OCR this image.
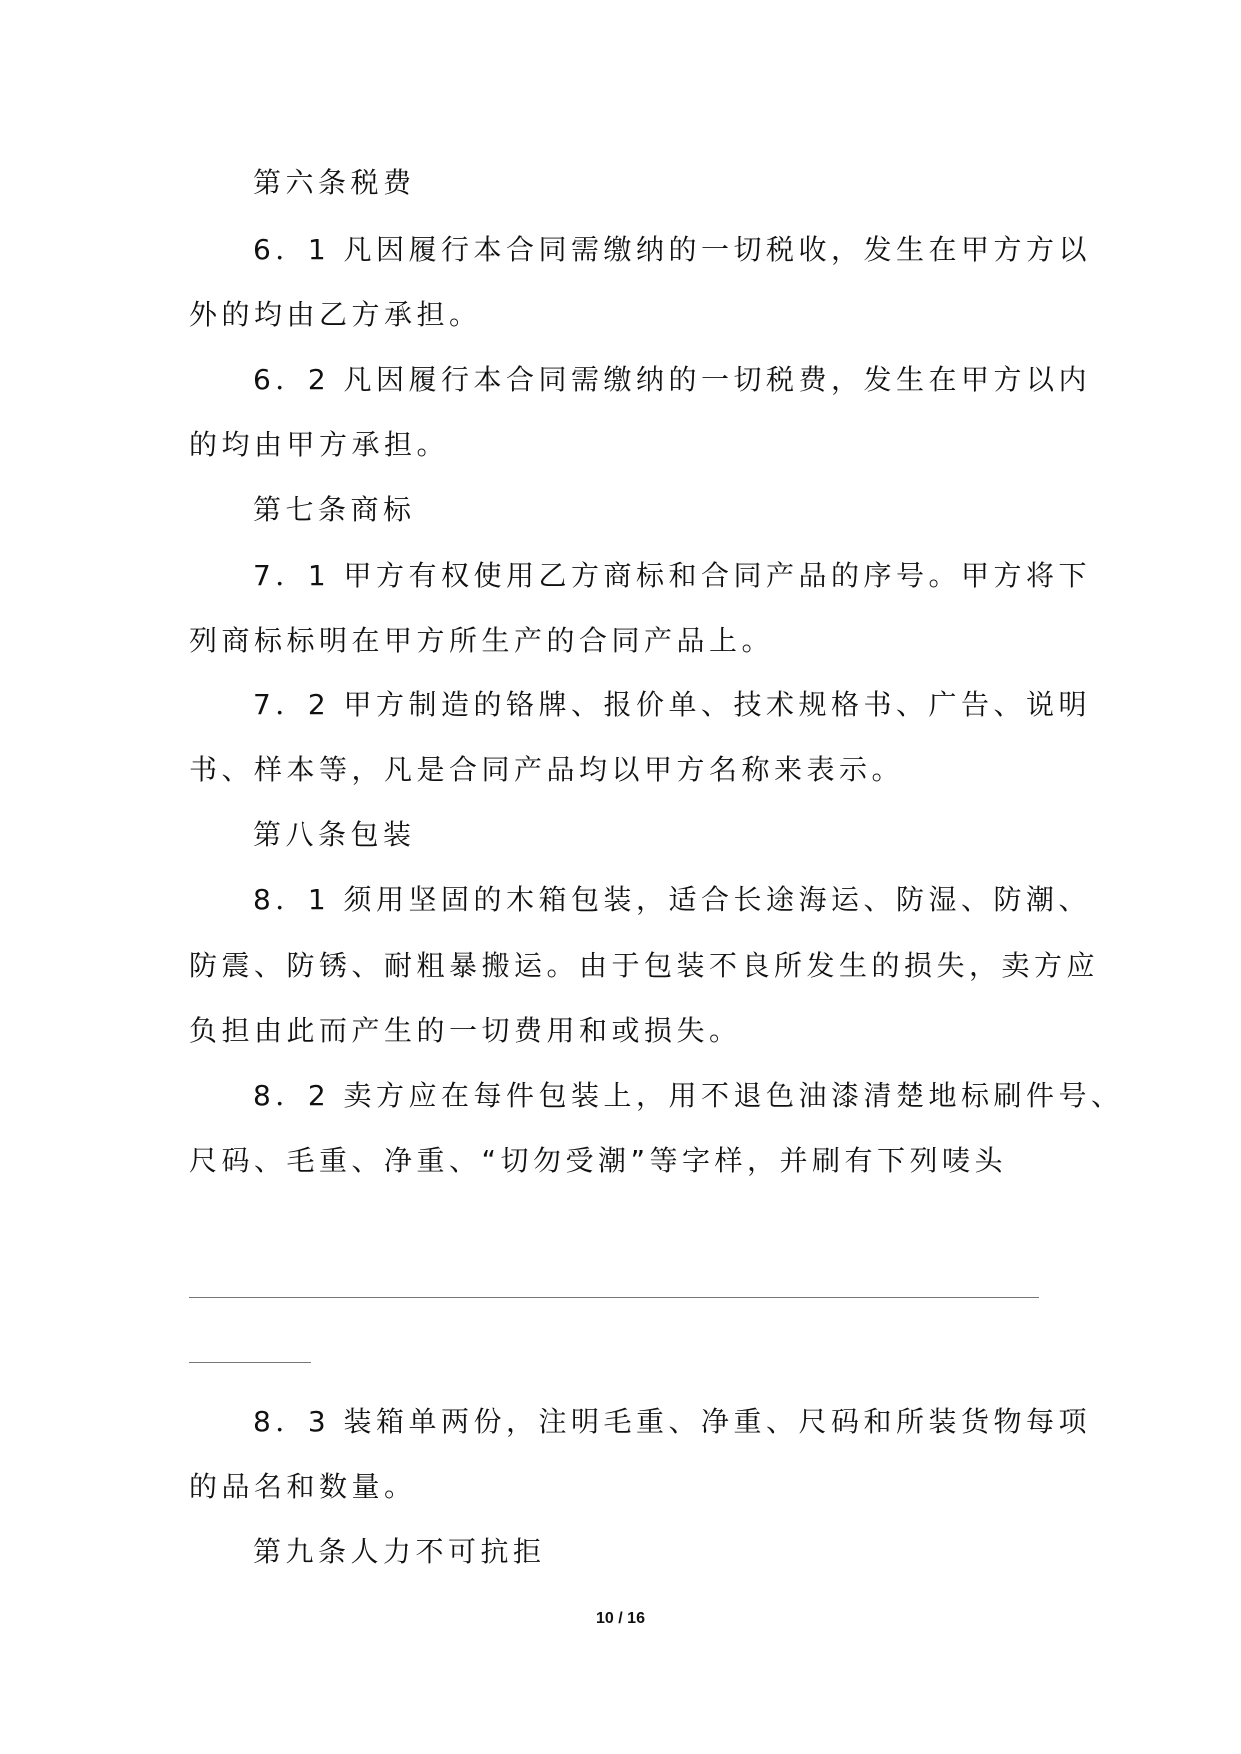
第六条税费
6．1 凡因履行本合同需缴纳的一切税收，发生在甲方方以
外的均由乙方承担。
6．2 凡因履行本合同需缴纳的一切税费，发生在甲方以内
的均由甲方承担。
第七条商标
7．1 甲方有权使用乙方商标和合同产品的序号。甲方将下
列商标标明在甲方所生产的合同产品上。
7．2 甲方制造的铬牌、报价单、技术规格书、广告、说明
书、样本等，凡是合同产品均以甲方名称来表示。
第八条包装
8．1 须用坚固的木箱包装，适合长途海运、防湿、防潮、
防震、防锈、耐粗暴搬运。由于包装不良所发生的损失，卖方应
负担由此而产生的一切费用和或损失。
8．2 卖方应在每件包装上，用不退色油漆清楚地标刷件号、
尺码、毛重、净重、“切勿受潮”等字样，并刷有下列唛头
8．3 装箱单两份，注明毛重、净重、尺码和所装货物每项
的品名和数量。
第九条人力不可抗拒
10 / 16
